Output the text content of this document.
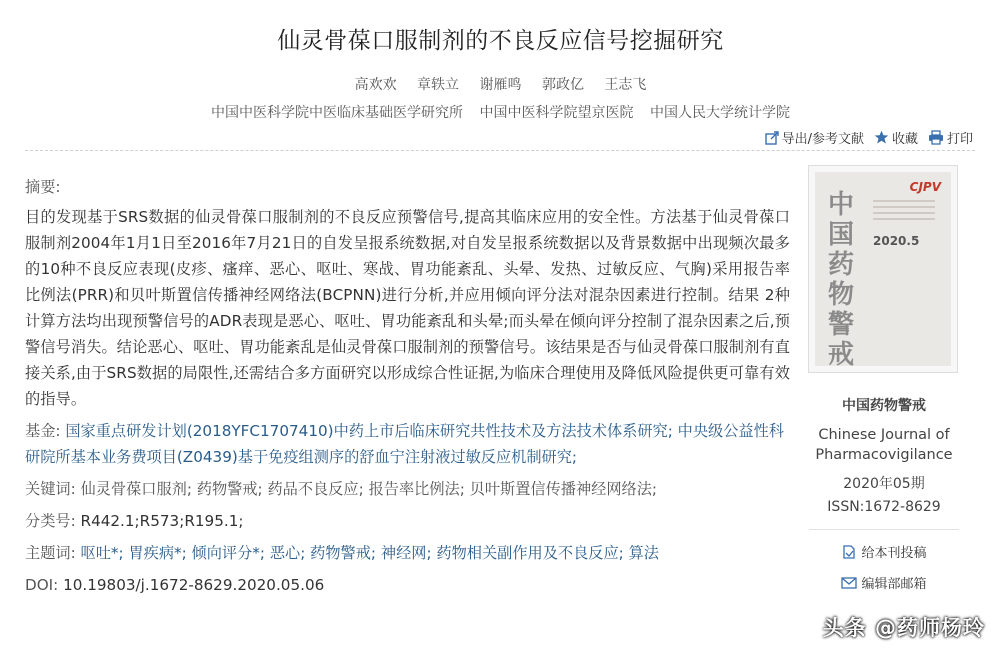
仙灵骨葆口服制剂的不良反应信号挖掘研究
高欢欢 章轶立 谢雁鸣 郭政亿 王志飞
中国中医科学院中医临床基础医学研究所 中国中医科学院望京医院 中国人民大学统计学院
导出/参考文献 收藏 打印
摘要:
目的发现基于SRS数据的仙灵骨葆口服制剂的不良反应预警信号,提高其临床应用的安全性。方法基于仙灵骨葆口服制剂2004年1月1日至2016年7月21日的自发呈报系统数据,对自发呈报系统数据以及背景数据中出现频次最多的10种不良反应表现(皮疹、瘙痒、恶心、呕吐、寒战、胃功能紊乱、头晕、发热、过敏反应、气胸)采用报告率比例法(PRR)和贝叶斯置信传播神经网络法(BCPNN)进行分析,并应用倾向评分法对混杂因素进行控制。结果 2种计算方法均出现预警信号的ADR表现是恶心、呕吐、胃功能紊乱和头晕;而头晕在倾向评分控制了混杂因素之后,预警信号消失。结论恶心、呕吐、胃功能紊乱是仙灵骨葆口服制剂的预警信号。该结果是否与仙灵骨葆口服制剂有直接关系,由于SRS数据的局限性,还需结合多方面研究以形成综合性证据,为临床合理使用及降低风险提供更可靠有效的指导。
基金: 国家重点研发计划(2018YFC1707410)中药上市后临床研究共性技术及方法技术体系研究; 中央级公益性科研院所基本业务费项目(Z0439)基于免疫组测序的舒血宁注射液过敏反应机制研究;
关键词: 仙灵骨葆口服剂; 药物警戒; 药品不良反应; 报告率比例法; 贝叶斯置信传播神经网络法;
分类号: R442.1;R573;R195.1;
主题词: 呕吐*; 胃疾病*; 倾向评分*; 恶心; 药物警戒; 神经网; 药物相关副作用及不良反应; 算法
DOI: 10.19803/j.1672-8629.2020.05.06
中国药物警戒
CJPV
2020.5
中国药物警戒
Chinese Journal of Pharmacovigilance
2020年05期
ISSN:1672-8629
给本刊投稿
编辑部邮箱
头条 @药师杨玲
